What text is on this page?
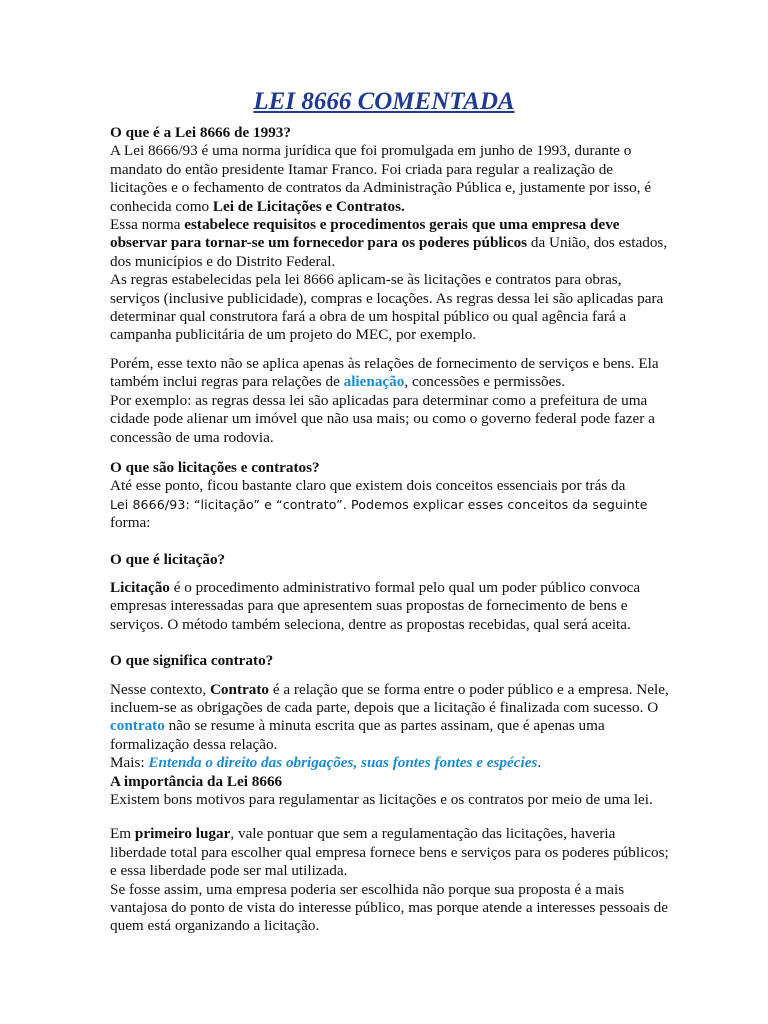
LEI 8666 COMENTADA

O que é a Lei 8666 de 1993?

A Lei 8666/93 é uma norma jurídica que foi promulgada em junho de 1993, durante o mandato do então presidente Itamar Franco. Foi criada para regular a realização de licitações e o fechamento de contratos da Administração Pública e, justamente por isso, é conhecida como Lei de Licitações e Contratos.

Essa norma estabelece requisitos e procedimentos gerais que uma empresa deve observar para tornar-se um fornecedor para os poderes públicos da União, dos estados, dos municípios e do Distrito Federal.

As regras estabelecidas pela lei 8666 aplicam-se às licitações e contratos para obras, serviços (inclusive publicidade), compras e locações. As regras dessa lei são aplicadas para determinar qual construtora fará a obra de um hospital público ou qual agência fará a campanha publicitária de um projeto do MEC, por exemplo.

Porém, esse texto não se aplica apenas às relações de fornecimento de serviços e bens. Ela também inclui regras para relações de alienação, concessões e permissões.

Por exemplo: as regras dessa lei são aplicadas para determinar como a prefeitura de uma cidade pode alienar um imóvel que não usa mais; ou como o governo federal pode fazer a concessão de uma rodovia.

O que são licitações e contratos?

Até esse ponto, ficou bastante claro que existem dois conceitos essenciais por trás da

Lei 8666/93: “licitação” e “contrato”. Podemos explicar esses conceitos da seguinte

forma:

O que é licitação?

Licitação é o procedimento administrativo formal pelo qual um poder público convoca empresas interessadas para que apresentem suas propostas de fornecimento de bens e serviços. O método também seleciona, dentre as propostas recebidas, qual será aceita.

O que significa contrato?

Nesse contexto, Contrato é a relação que se forma entre o poder público e a empresa. Nele, incluem-se as obrigações de cada parte, depois que a licitação é finalizada com sucesso. O contrato não se resume à minuta escrita que as partes assinam, que é apenas uma formalização dessa relação.

Mais: Entenda o direito das obrigações, suas fontes fontes e espécies.

A importância da Lei 8666

Existem bons motivos para regulamentar as licitações e os contratos por meio de uma lei.

Em primeiro lugar, vale pontuar que sem a regulamentação das licitações, haveria liberdade total para escolher qual empresa fornece bens e serviços para os poderes públicos; e essa liberdade pode ser mal utilizada.

Se fosse assim, uma empresa poderia ser escolhida não porque sua proposta é a mais vantajosa do ponto de vista do interesse público, mas porque atende a interesses pessoais de quem está organizando a licitação.
